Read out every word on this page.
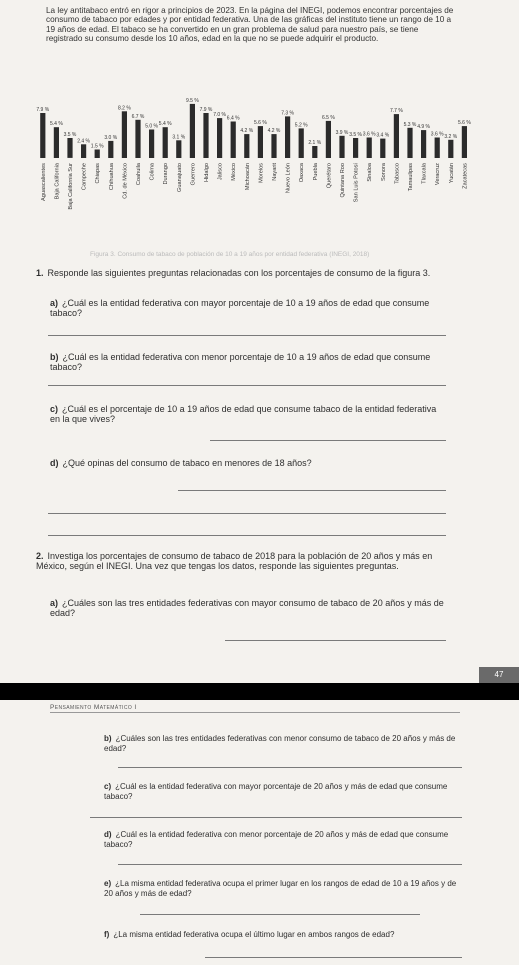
La ley antitabaco entró en rigor a principios de 2023. En la página del INEGI, podemos encontrar porcentajes de consumo de tabaco por edades y por entidad federativa. Una de las gráficas del instituto tiene un rango de 10 a 19 años de edad. El tabaco se ha convertido en un gran problema de salud para nuestro país, se tiene registrado su consumo desde los 10 años, edad en la que no se puede adquirir el producto.

7.9 %
Aguascalientes
5.4 %
Baja California
3.5 %
Baja California Sur
2.4 %
Campeche
1.5 %
Chiapas
3.0 %
Chihuahua
8.2 %
Cd. de México
6.7 %
Coahuila
5.0 %
Colima
5.4 %
Durango
3.1 %
Guanajuato
9.5 %
Guerrero
7.9 %
Hidalgo
7.0 %
Jalisco
6.4 %
México
4.2 %
Michoacán
5.6 %
Morelos
4.2 %
Nayarit
7.3 %
Nuevo León
5.2 %
Oaxaca
2.1 %
Puebla
6.5 %
Querétaro
3.9 %
Quintana Roo
3.5 %
San Luis Potosí
3.6 %
Sinaloa
3.4 %
Sonora
7.7 %
Tabasco
5.3 %
Tamaulipas
4.9 %
Tlaxcala
3.6 %
Veracruz
3.2 %
Yucatán
5.6 %
Zacatecas
Figura 3. Consumo de tabaco de población de 10 a 19 años por entidad federativa (INEGI, 2018)
1. Responde las siguientes preguntas relacionadas con los porcentajes de consumo de la figura 3.
a) ¿Cuál es la entidad federativa con mayor porcentaje de 10 a 19 años de edad que consume tabaco?
b) ¿Cuál es la entidad federativa con menor porcentaje de 10 a 19 años de edad que consume tabaco?
c) ¿Cuál es el porcentaje de 10 a 19 años de edad que consume tabaco de la entidad federativa en la que vives?
d) ¿Qué opinas del consumo de tabaco en menores de 18 años?
2. Investiga los porcentajes de consumo de tabaco de 2018 para la población de 20 años y más en México, según el INEGI. Una vez que tengas los datos, responde las siguientes preguntas.
a) ¿Cuáles son las tres entidades federativas con mayor consumo de tabaco de 20 años y más de edad?
47
Pensamiento Matemático I
b) ¿Cuáles son las tres entidades federativas con menor consumo de tabaco de 20 años y más de edad?
c) ¿Cuál es la entidad federativa con mayor porcentaje de 20 años y más de edad que consume tabaco?
d) ¿Cuál es la entidad federativa con menor porcentaje de 20 años y más de edad que consume tabaco?
e) ¿La misma entidad federativa ocupa el primer lugar en los rangos de edad de 10 a 19 años y de 20 años y más de edad?
f) ¿La misma entidad federativa ocupa el último lugar en ambos rangos de edad?
